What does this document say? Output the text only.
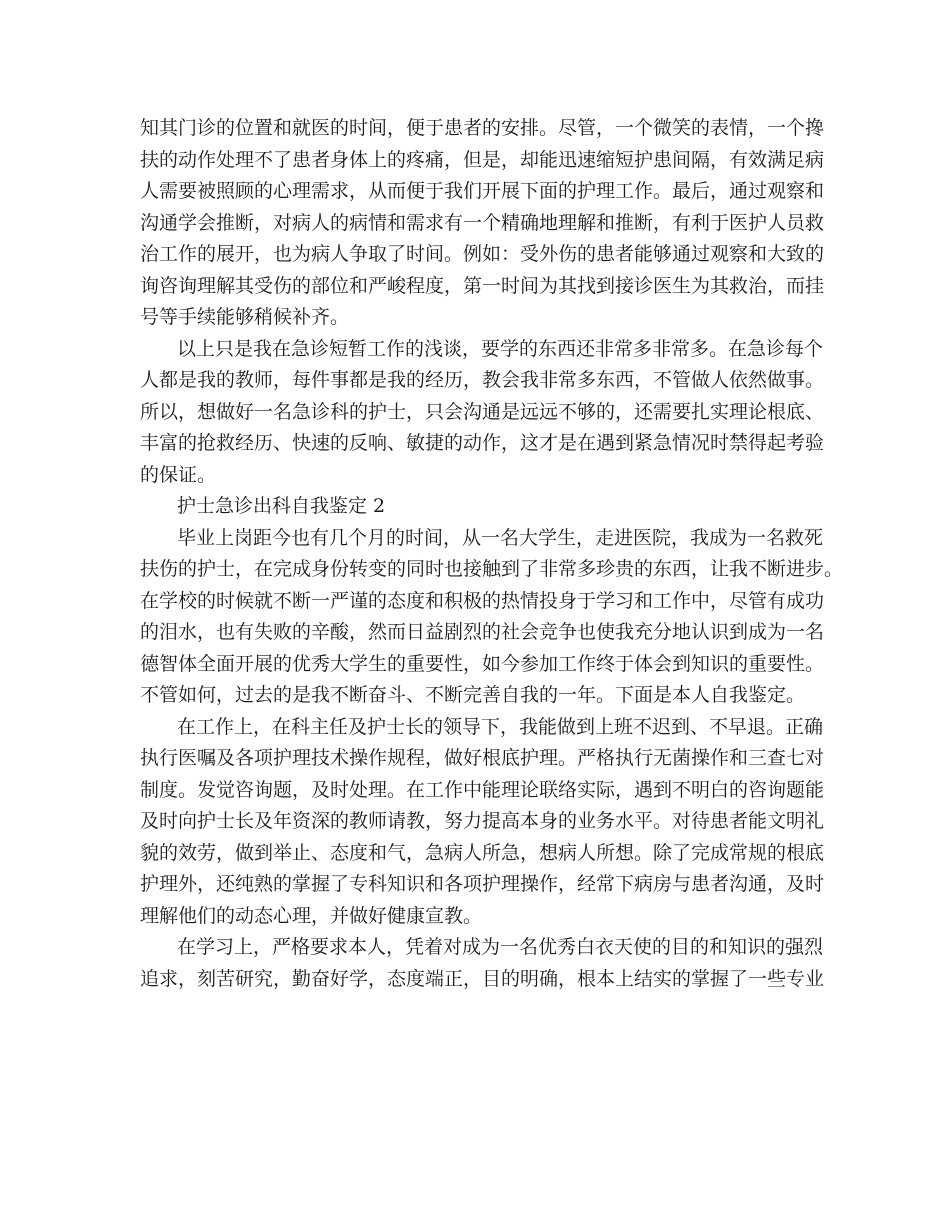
知其门诊的位置和就医的时间，便于患者的安排。尽管，一个微笑的表情，一个搀
扶的动作处理不了患者身体上的疼痛，但是，却能迅速缩短护患间隔，有效满足病
人需要被照顾的心理需求，从而便于我们开展下面的护理工作。最后，通过观察和
沟通学会推断，对病人的病情和需求有一个精确地理解和推断，有利于医护人员救
治工作的展开，也为病人争取了时间。例如：受外伤的患者能够通过观察和大致的
询咨询理解其受伤的部位和严峻程度，第一时间为其找到接诊医生为其救治，而挂
号等手续能够稍候补齐。
以上只是我在急诊短暂工作的浅谈，要学的东西还非常多非常多。在急诊每个
人都是我的教师，每件事都是我的经历，教会我非常多东西，不管做人依然做事。
所以，想做好一名急诊科的护士，只会沟通是远远不够的，还需要扎实理论根底、
丰富的抢救经历、快速的反响、敏捷的动作，这才是在遇到紧急情况时禁得起考验
的保证。
护士急诊出科自我鉴定 2
毕业上岗距今也有几个月的时间，从一名大学生，走进医院，我成为一名救死
扶伤的护士，在完成身份转变的同时也接触到了非常多珍贵的东西，让我不断进步。
在学校的时候就不断一严谨的态度和积极的热情投身于学习和工作中，尽管有成功
的泪水，也有失败的辛酸，然而日益剧烈的社会竞争也使我充分地认识到成为一名
德智体全面开展的优秀大学生的重要性，如今参加工作终于体会到知识的重要性。
不管如何，过去的是我不断奋斗、不断完善自我的一年。下面是本人自我鉴定。
在工作上，在科主任及护士长的领导下，我能做到上班不迟到、不早退。正确
执行医嘱及各项护理技术操作规程，做好根底护理。严格执行无菌操作和三查七对
制度。发觉咨询题，及时处理。在工作中能理论联络实际，遇到不明白的咨询题能
及时向护士长及年资深的教师请教，努力提高本身的业务水平。对待患者能文明礼
貌的效劳，做到举止、态度和气，急病人所急，想病人所想。除了完成常规的根底
护理外，还纯熟的掌握了专科知识和各项护理操作，经常下病房与患者沟通，及时
理解他们的动态心理，并做好健康宣教。
在学习上，严格要求本人，凭着对成为一名优秀白衣天使的目的和知识的强烈
追求，刻苦研究，勤奋好学，态度端正，目的明确，根本上结实的掌握了一些专业
